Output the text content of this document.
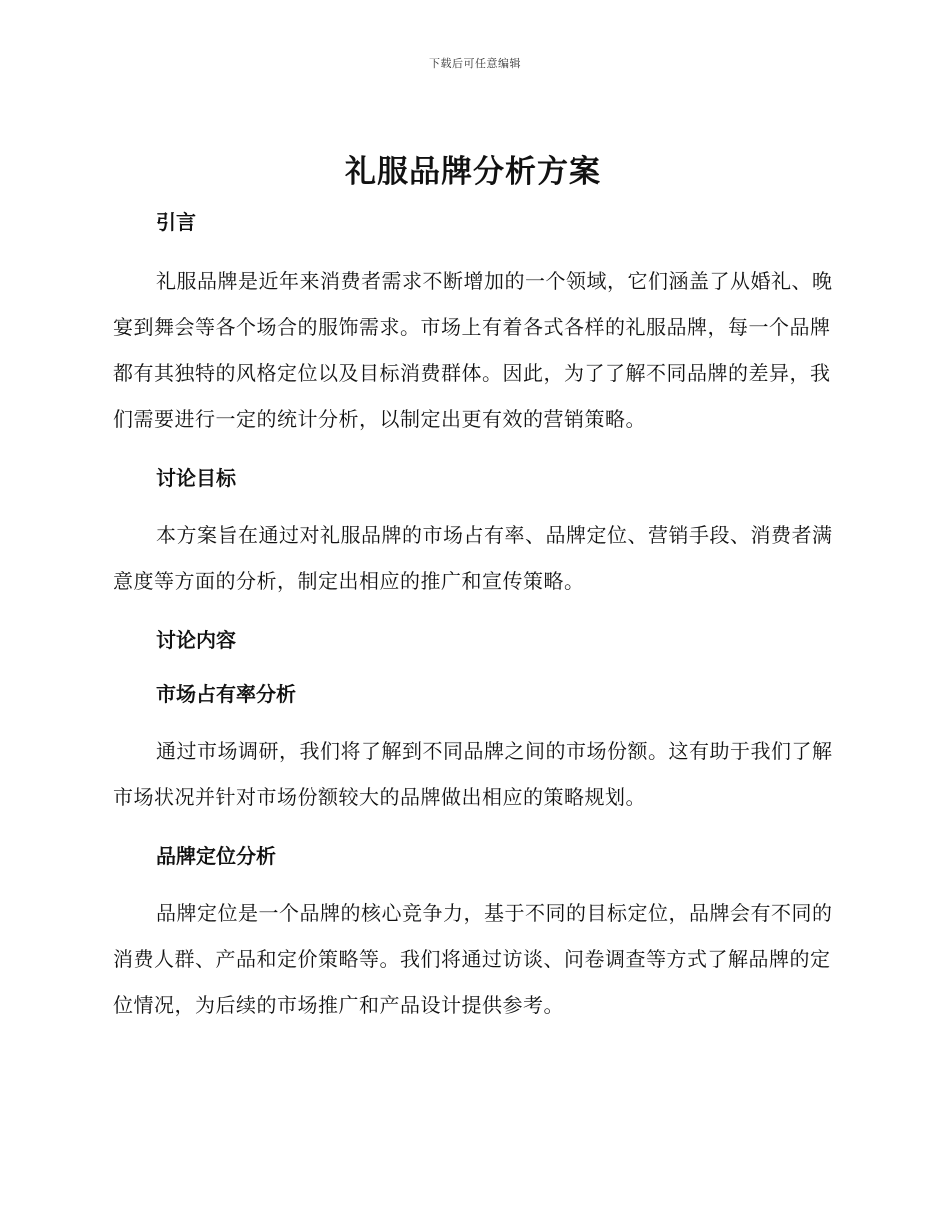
下载后可任意编辑
礼服品牌分析方案
引言

礼服品牌是近年来消费者需求不断增加的一个领域，它们涵盖了从婚礼、晚宴到舞会等各个场合的服饰需求。市场上有着各式各样的礼服品牌，每一个品牌都有其独特的风格定位以及目标消费群体。因此，为了了解不同品牌的差异，我们需要进行一定的统计分析，以制定出更有效的营销策略。

讨论目标

本方案旨在通过对礼服品牌的市场占有率、品牌定位、营销手段、消费者满意度等方面的分析，制定出相应的推广和宣传策略。

讨论内容
市场占有率分析

通过市场调研，我们将了解到不同品牌之间的市场份额。这有助于我们了解市场状况并针对市场份额较大的品牌做出相应的策略规划。

品牌定位分析

品牌定位是一个品牌的核心竞争力，基于不同的目标定位，品牌会有不同的消费人群、产品和定价策略等。我们将通过访谈、问卷调查等方式了解品牌的定位情况，为后续的市场推广和产品设计提供参考。
